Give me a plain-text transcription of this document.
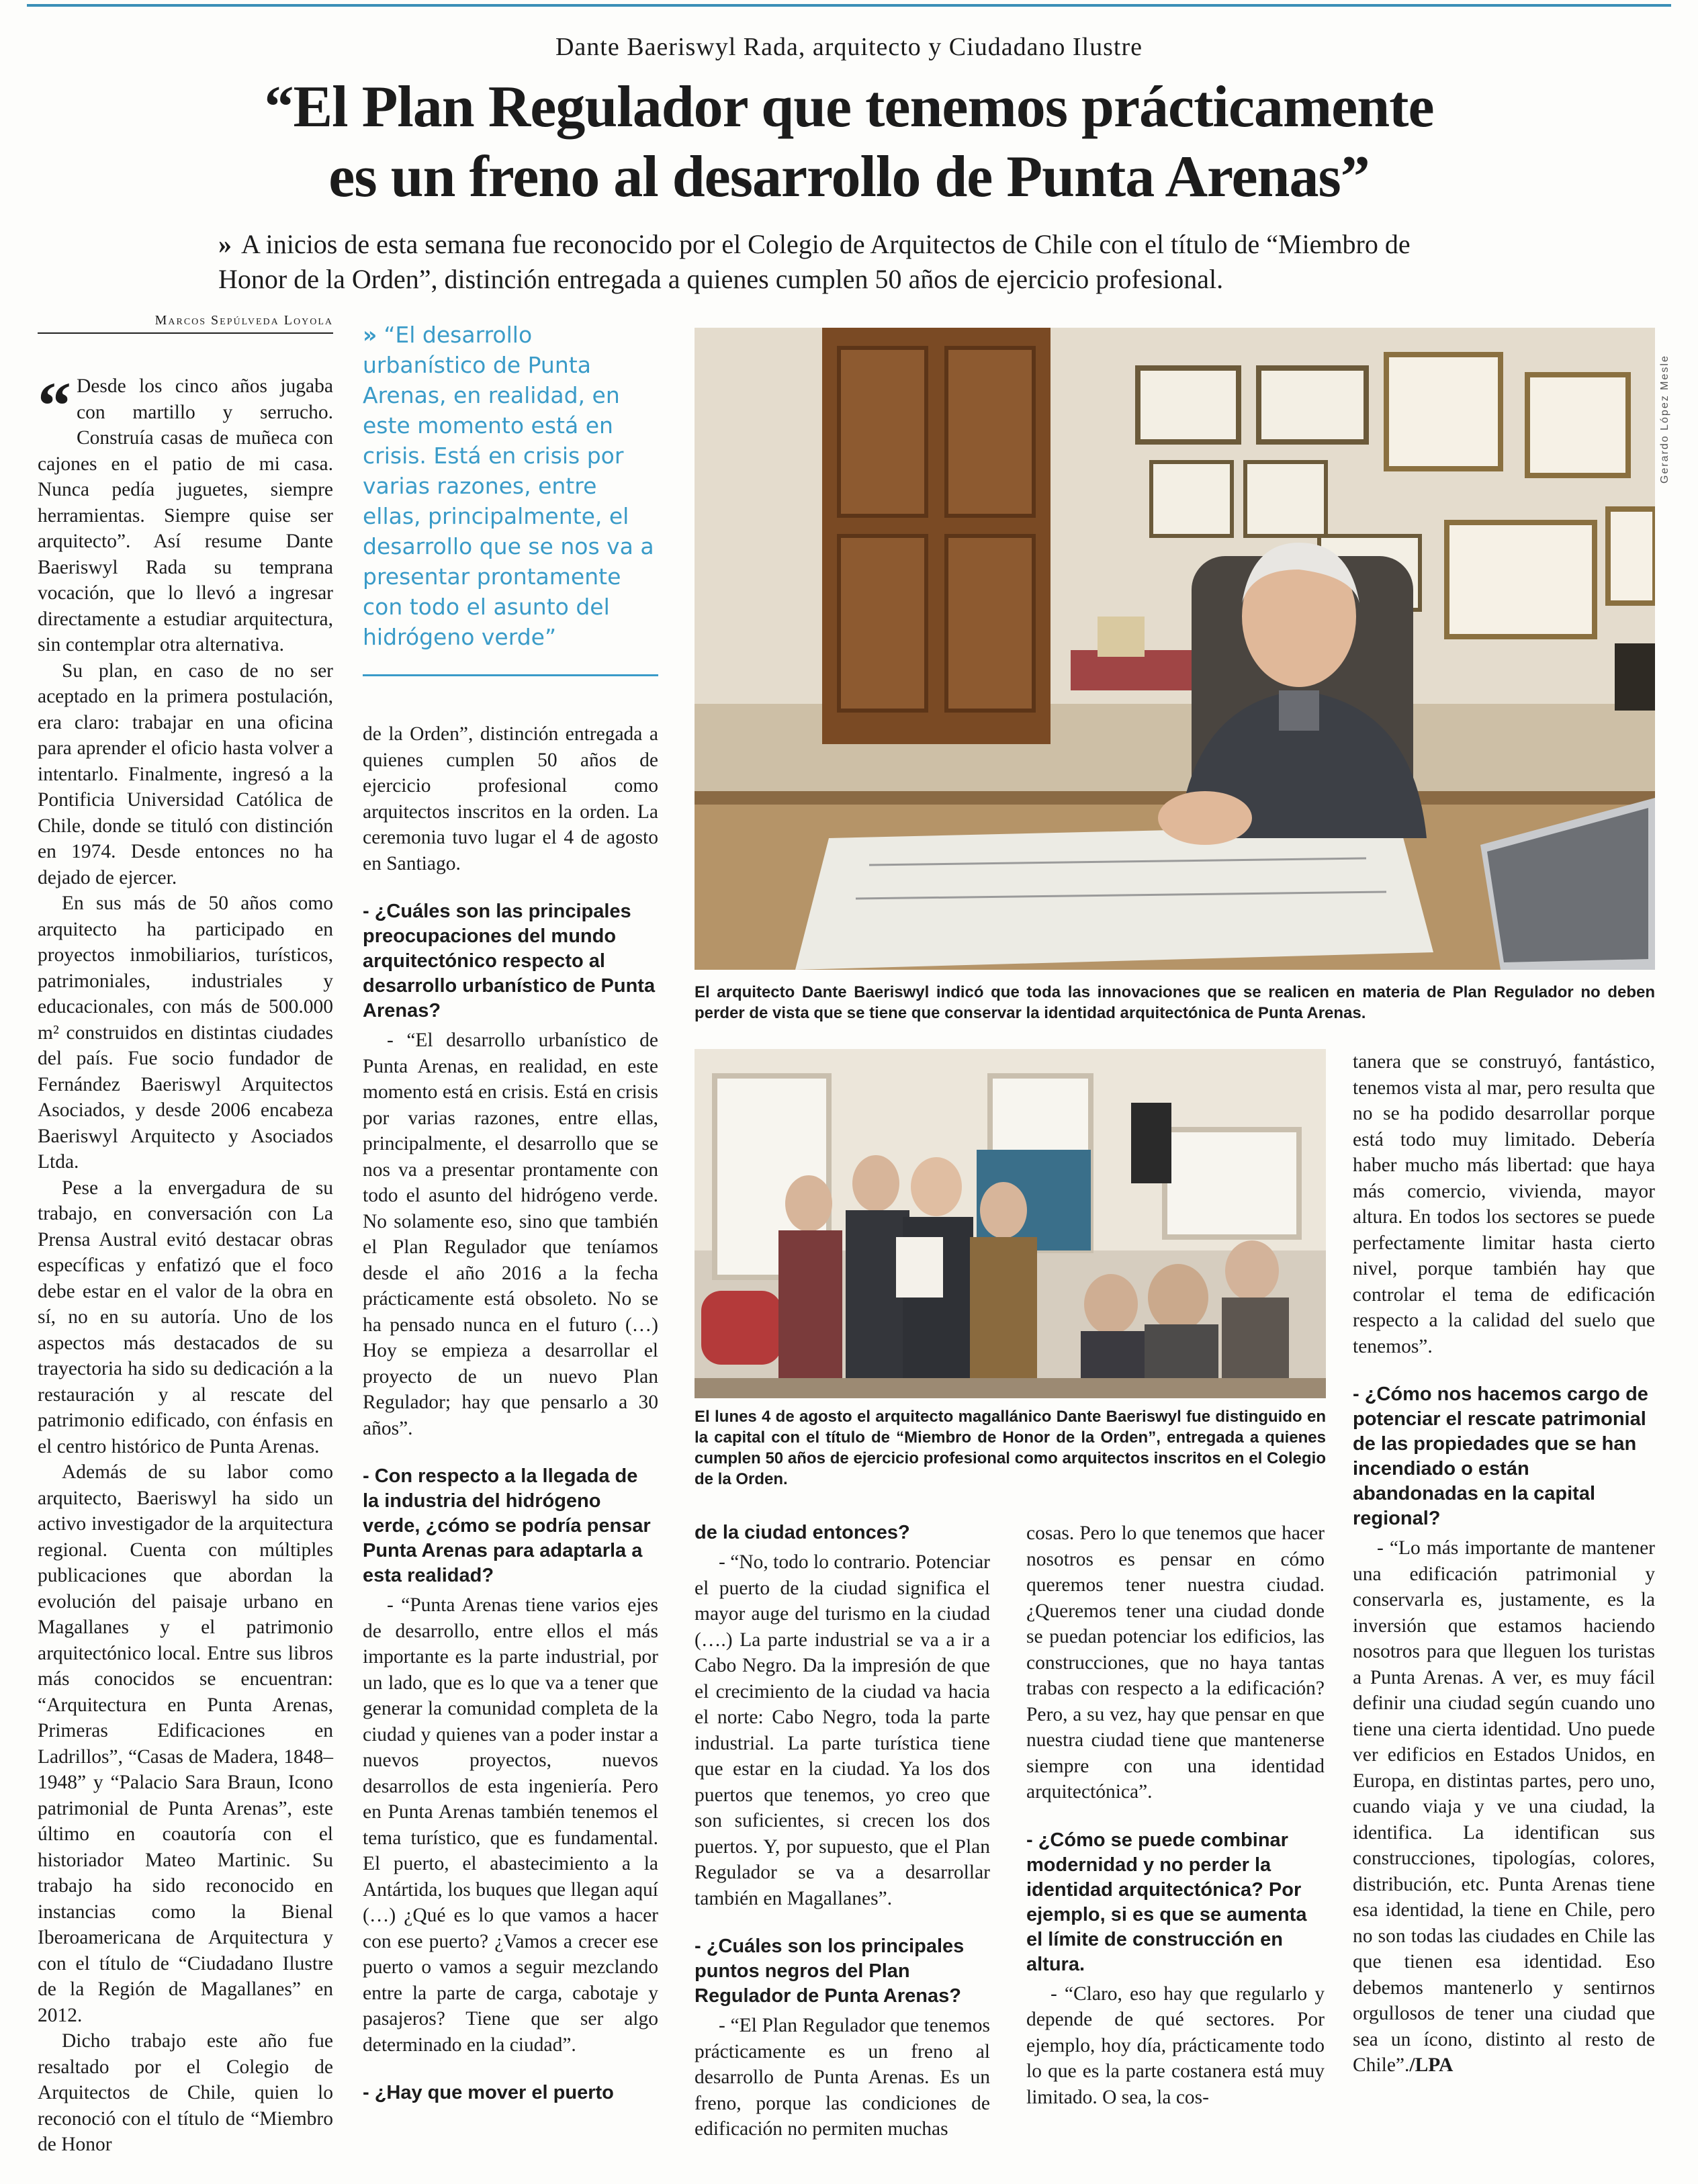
Dante Baeriswyl Rada, arquitecto y Ciudadano Ilustre
“El Plan Regulador que tenemos prácticamente
es un freno al desarrollo de Punta Arenas”

» A inicios de esta semana fue reconocido por el Colegio de Arquitectos de Chile con el título de “Miembro de Honor de la Orden”, distinción entregada a quienes cumplen 50 años de ejercicio profesional.

Marcos Sepúlveda Loyola

“ Desde los cinco años jugaba con martillo y serrucho. Construía casas de muñeca con cajones en el patio de mi casa. Nunca pedía juguetes, siempre herramientas. Siempre quise ser arquitecto”. Así resume Dante Baeriswyl Rada su temprana vocación, que lo llevó a ingresar directamente a estudiar arquitectura, sin contemplar otra alternativa.

Su plan, en caso de no ser aceptado en la primera postulación, era claro: trabajar en una oficina para aprender el oficio hasta volver a intentarlo. Finalmente, ingresó a la Pontificia Universidad Católica de Chile, donde se tituló con distinción en 1974. Desde entonces no ha dejado de ejercer.

En sus más de 50 años como arquitecto ha participado en proyectos inmobiliarios, turísticos, patrimoniales, industriales y educacionales, con más de 500.000 m² construidos en distintas ciudades del país. Fue socio fundador de Fernández Baeriswyl Arquitectos Asociados, y desde 2006 encabeza Baeriswyl Arquitecto y Asociados Ltda.

Pese a la envergadura de su trabajo, en conversación con La Prensa Austral evitó destacar obras específicas y enfatizó que el foco debe estar en el valor de la obra en sí, no en su autoría. Uno de los aspectos más destacados de su trayectoria ha sido su dedicación a la restauración y al rescate del patrimonio edificado, con énfasis en el centro histórico de Punta Arenas.

Además de su labor como arquitecto, Baeriswyl ha sido un activo investigador de la arquitectura regional. Cuenta con múltiples publicaciones que abordan la evolución del paisaje urbano en Magallanes y el patrimonio arquitectónico local. Entre sus libros más conocidos se encuentran: “Arquitectura en Punta Arenas, Primeras Edificaciones en Ladrillos”, “Casas de Madera, 1848–1948” y “Palacio Sara Braun, Icono patrimonial de Punta Arenas”, este último en coautoría con el historiador Mateo Martinic. Su trabajo ha sido reconocido en instancias como la Bienal Iberoamericana de Arquitectura y con el título de “Ciudadano Ilustre de la Región de Magallanes” en 2012.

Dicho trabajo este año fue resaltado por el Colegio de Arquitectos de Chile, quien lo reconoció con el título de “Miembro de Honor

» “El desarrollo urbanístico de Punta Arenas, en realidad, en este momento está en crisis. Está en crisis por varias razones, entre ellas, principalmente, el desarrollo que se nos va a presentar prontamente con todo el asunto del hidrógeno verde”

de la Orden”, distinción entregada a quienes cumplen 50 años de ejercicio profesional como arquitectos inscritos en la orden. La ceremonia tuvo lugar el 4 de agosto en Santiago.

- ¿Cuáles son las principales preocupaciones del mundo arquitectónico respecto al desarrollo urbanístico de Punta Arenas?

- “El desarrollo urbanístico de Punta Arenas, en realidad, en este momento está en crisis. Está en crisis por varias razones, entre ellas, principalmente, el desarrollo que se nos va a presentar prontamente con todo el asunto del hidrógeno verde. No solamente eso, sino que también el Plan Regulador que teníamos desde el año 2016 a la fecha prácticamente está obsoleto. No se ha pensado nunca en el futuro (…) Hoy se empieza a desarrollar el proyecto de un nuevo Plan Regulador; hay que pensarlo a 30 años”.

- Con respecto a la llegada de la industria del hidrógeno verde, ¿cómo se podría pensar Punta Arenas para adaptarla a esta realidad?

- “Punta Arenas tiene varios ejes de desarrollo, entre ellos el más importante es la parte industrial, por un lado, que es lo que va a tener que generar la comunidad completa de la ciudad y quienes van a poder instar a nuevos proyectos, nuevos desarrollos de esta ingeniería. Pero en Punta Arenas también tenemos el tema turístico, que es fundamental. El puerto, el abastecimiento a la Antártida, los buques que llegan aquí (…) ¿Qué es lo que vamos a hacer con ese puerto? ¿Vamos a crecer ese puerto o vamos a seguir mezclando entre la parte de carga, cabotaje y pasajeros? Tiene que ser algo determinado en la ciudad”.

- ¿Hay que mover el puerto

Gerardo López Mesle
El arquitecto Dante Baeriswyl indicó que toda las innovaciones que se realicen en materia de Plan Regulador no deben perder de vista que se tiene que conservar la identidad arquitectónica de Punta Arenas.
El lunes 4 de agosto el arquitecto magallánico Dante Baeriswyl fue distinguido en la capital con el título de “Miembro de Honor de la Orden”, entregada a quienes cumplen 50 años de ejercicio profesional como arquitectos inscritos en el Colegio de la Orden.

de la ciudad entonces?

- “No, todo lo contrario. Potenciar el puerto de la ciudad significa el mayor auge del turismo en la ciudad (….) La parte industrial se va a ir a Cabo Negro. Da la impresión de que el crecimiento de la ciudad va hacia el norte: Cabo Negro, toda la parte industrial. La parte turística tiene que estar en la ciudad. Ya los dos puertos que tenemos, yo creo que son suficientes, si crecen los dos puertos. Y, por supuesto, que el Plan Regulador se va a desarrollar también en Magallanes”.

- ¿Cuáles son los principales puntos negros del Plan Regulador de Punta Arenas?

- “El Plan Regulador que tenemos prácticamente es un freno al desarrollo de Punta Arenas. Es un freno, porque las condiciones de edificación no permiten muchas

cosas. Pero lo que tenemos que hacer nosotros es pensar en cómo queremos tener nuestra ciudad. ¿Queremos tener una ciudad donde se puedan potenciar los edificios, las construcciones, que no haya tantas trabas con respecto a la edificación? Pero, a su vez, hay que pensar en que nuestra ciudad tiene que mantenerse siempre con una identidad arquitectónica”.

- ¿Cómo se puede combinar modernidad y no perder la identidad arquitectónica? Por ejemplo, si es que se aumenta el límite de construcción en altura.

- “Claro, eso hay que regularlo y depende de qué sectores. Por ejemplo, hoy día, prácticamente todo lo que es la parte costanera está muy limitado. O sea, la cos-

tanera que se construyó, fantástico, tenemos vista al mar, pero resulta que no se ha podido desarrollar porque está todo muy limitado. Debería haber mucho más libertad: que haya más comercio, vivienda, mayor altura. En todos los sectores se puede perfectamente limitar hasta cierto nivel, porque también hay que controlar el tema de edificación respecto a la calidad del suelo que tenemos”.

- ¿Cómo nos hacemos cargo de potenciar el rescate patrimonial de las propiedades que se han incendiado o están abandonadas en la capital regional?

- “Lo más importante de mantener una edificación patrimonial y conservarla es, justamente, es la inversión que estamos haciendo nosotros para que lleguen los turistas a Punta Arenas. A ver, es muy fácil definir una ciudad según cuando uno tiene una cierta identidad. Uno puede ver edificios en Estados Unidos, en Europa, en distintas partes, pero uno, cuando viaja y ve una ciudad, la identifica. La identifican sus construcciones, tipologías, colores, distribución, etc. Punta Arenas tiene esa identidad, la tiene en Chile, pero no son todas las ciudades en Chile las que tienen esa identidad. Eso debemos mantenerlo y sentirnos orgullosos de tener una ciudad que sea un ícono, distinto al resto de Chile”./LPA
